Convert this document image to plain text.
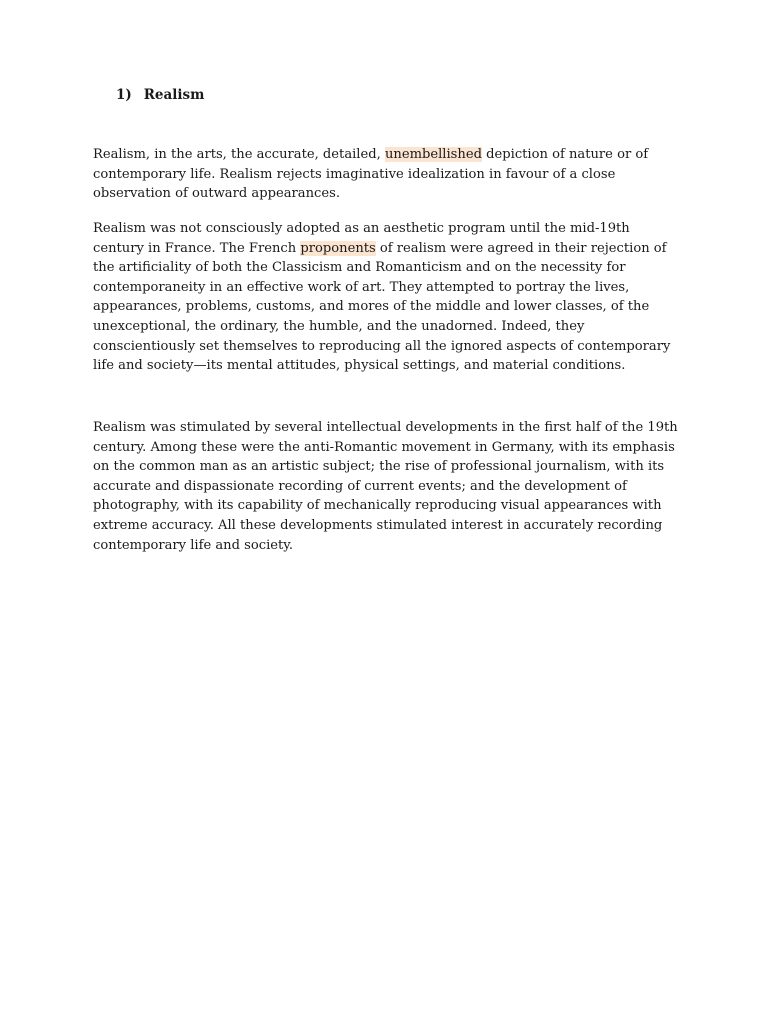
1) Realism
Realism, in the arts, the accurate, detailed, unembellished depiction of nature or of
contemporary life. Realism rejects imaginative idealization in favour of a close
observation of outward appearances.
Realism was not consciously adopted as an aesthetic program until the mid-19th
century in France. The French proponents of realism were agreed in their rejection of
the artificiality of both the Classicism and Romanticism and on the necessity for
contemporaneity in an effective work of art. They attempted to portray the lives,
appearances, problems, customs, and mores of the middle and lower classes, of the
unexceptional, the ordinary, the humble, and the unadorned. Indeed, they
conscientiously set themselves to reproducing all the ignored aspects of contemporary
life and society—its mental attitudes, physical settings, and material conditions.
Realism was stimulated by several intellectual developments in the first half of the 19th
century. Among these were the anti-Romantic movement in Germany, with its emphasis
on the common man as an artistic subject; the rise of professional journalism, with its
accurate and dispassionate recording of current events; and the development of
photography, with its capability of mechanically reproducing visual appearances with
extreme accuracy. All these developments stimulated interest in accurately recording
contemporary life and society.
